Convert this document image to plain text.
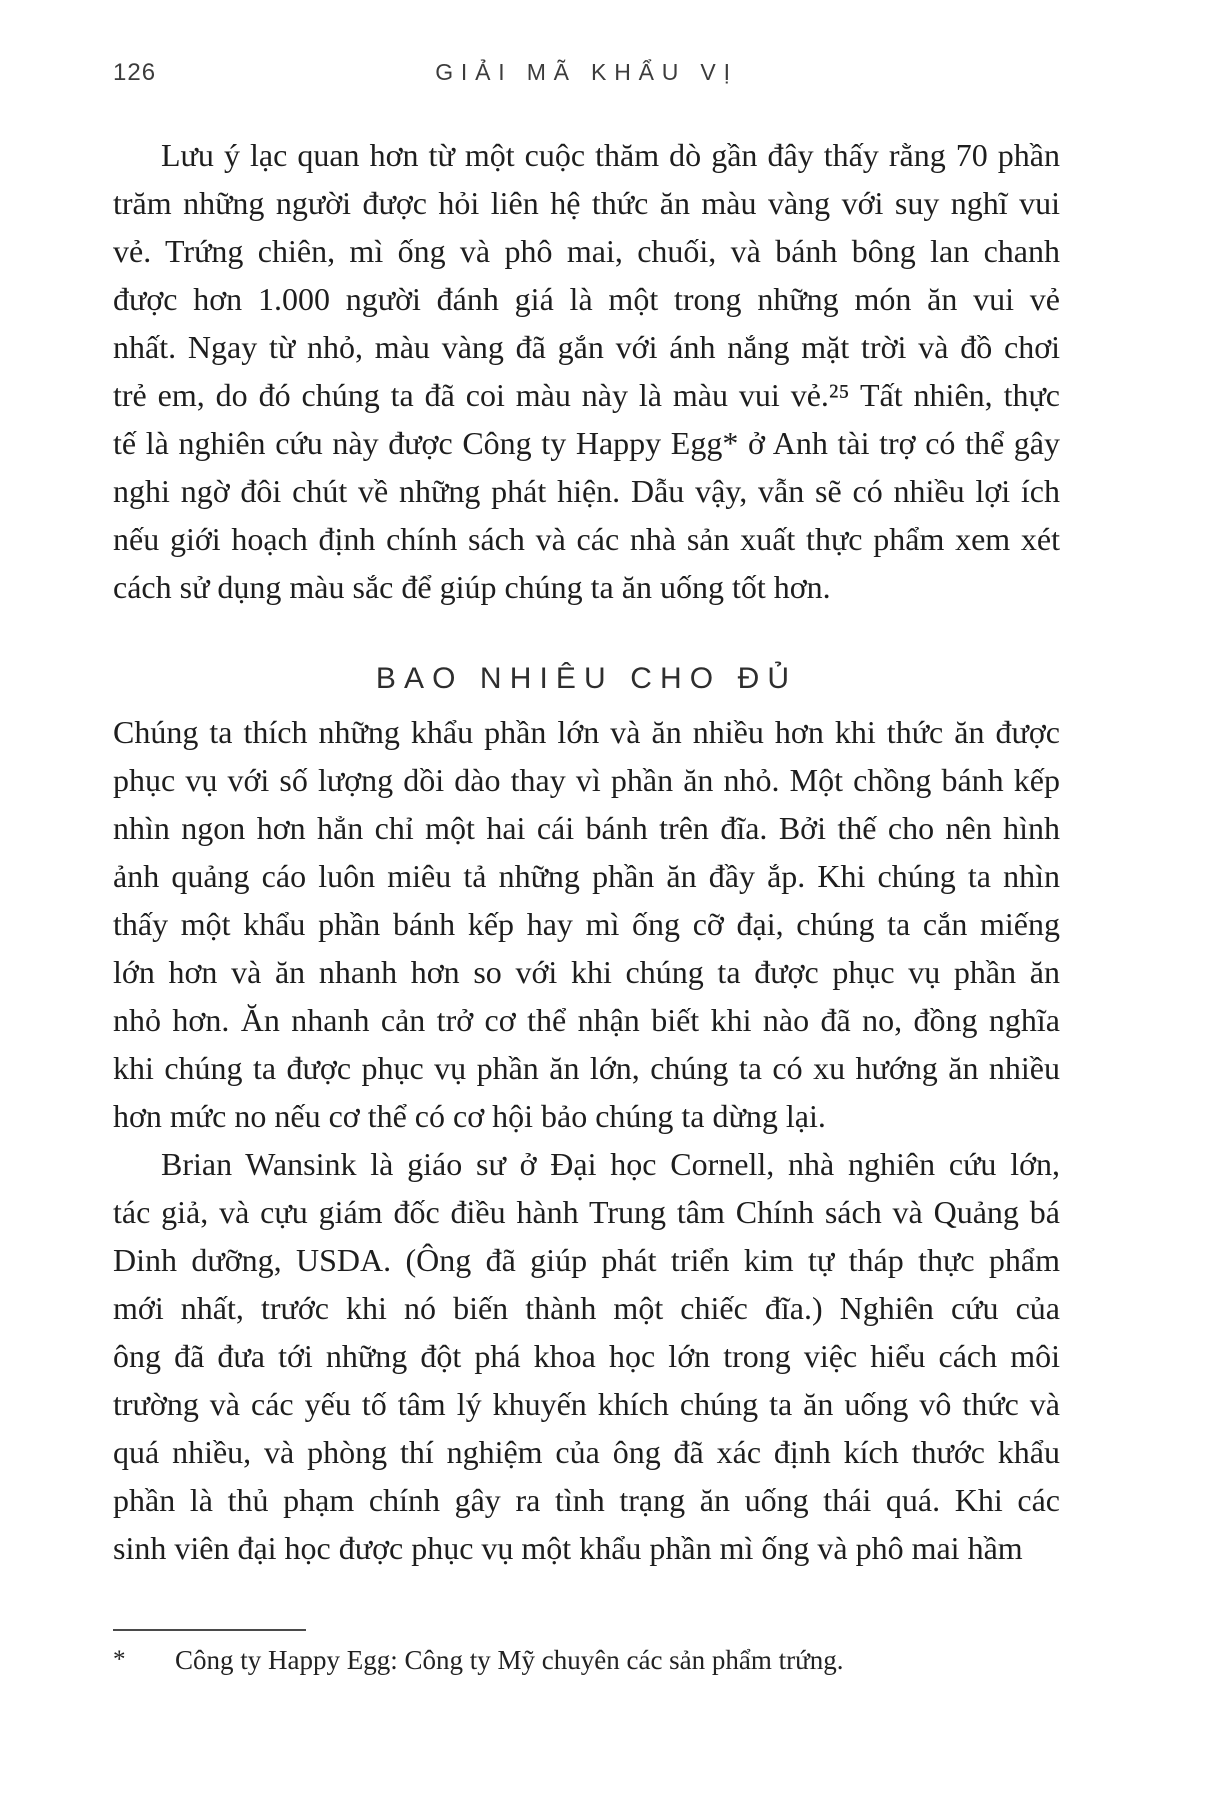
126	GIẢI MÃ KHẨU VỊ
Lưu ý lạc quan hơn từ một cuộc thăm dò gần đây thấy rằng 70 phần
trăm những người được hỏi liên hệ thức ăn màu vàng với suy nghĩ vui
vẻ. Trứng chiên, mì ống và phô mai, chuối, và bánh bông lan chanh
được hơn 1.000 người đánh giá là một trong những món ăn vui vẻ
nhất. Ngay từ nhỏ, màu vàng đã gắn với ánh nắng mặt trời và đồ chơi
trẻ em, do đó chúng ta đã coi màu này là màu vui vẻ.²⁵ Tất nhiên, thực
tế là nghiên cứu này được Công ty Happy Egg* ở Anh tài trợ có thể gây
nghi ngờ đôi chút về những phát hiện. Dẫu vậy, vẫn sẽ có nhiều lợi ích
nếu giới hoạch định chính sách và các nhà sản xuất thực phẩm xem xét
cách sử dụng màu sắc để giúp chúng ta ăn uống tốt hơn.
BAO NHIÊU CHO ĐỦ
Chúng ta thích những khẩu phần lớn và ăn nhiều hơn khi thức ăn được
phục vụ với số lượng dồi dào thay vì phần ăn nhỏ. Một chồng bánh kếp
nhìn ngon hơn hẳn chỉ một hai cái bánh trên đĩa. Bởi thế cho nên hình
ảnh quảng cáo luôn miêu tả những phần ăn đầy ắp. Khi chúng ta nhìn
thấy một khẩu phần bánh kếp hay mì ống cỡ đại, chúng ta cắn miếng
lớn hơn và ăn nhanh hơn so với khi chúng ta được phục vụ phần ăn
nhỏ hơn. Ăn nhanh cản trở cơ thể nhận biết khi nào đã no, đồng nghĩa
khi chúng ta được phục vụ phần ăn lớn, chúng ta có xu hướng ăn nhiều
hơn mức no nếu cơ thể có cơ hội bảo chúng ta dừng lại.
Brian Wansink là giáo sư ở Đại học Cornell, nhà nghiên cứu lớn,
tác giả, và cựu giám đốc điều hành Trung tâm Chính sách và Quảng bá
Dinh dưỡng, USDA. (Ông đã giúp phát triển kim tự tháp thực phẩm
mới nhất, trước khi nó biến thành một chiếc đĩa.) Nghiên cứu của
ông đã đưa tới những đột phá khoa học lớn trong việc hiểu cách môi
trường và các yếu tố tâm lý khuyến khích chúng ta ăn uống vô thức và
quá nhiều, và phòng thí nghiệm của ông đã xác định kích thước khẩu
phần là thủ phạm chính gây ra tình trạng ăn uống thái quá. Khi các
sinh viên đại học được phục vụ một khẩu phần mì ống và phô mai hầm
*	Công ty Happy Egg: Công ty Mỹ chuyên các sản phẩm trứng.
